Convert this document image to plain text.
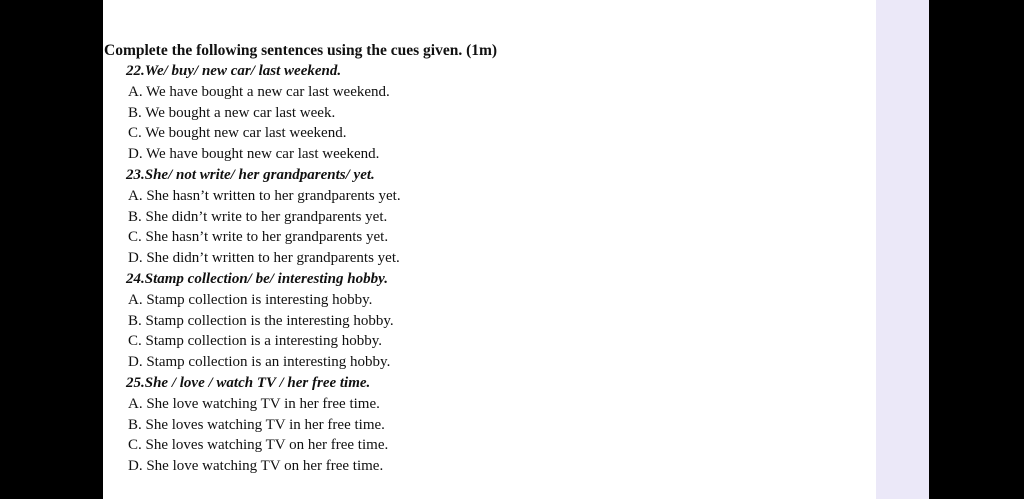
Complete the following sentences using the cues given. (1m)
22.We/ buy/ new car/ last weekend.
A. We have bought a new car last weekend.
B. We bought a new car last week.
C. We bought new car last weekend.
D. We have bought new car last weekend.
23.She/ not write/ her grandparents/ yet.
A. She hasn’t written to her grandparents yet.
B. She didn’t write to her grandparents yet.
C. She hasn’t write to her grandparents yet.
D. She didn’t written to her grandparents yet.
24.Stamp collection/ be/ interesting hobby.
A. Stamp collection is interesting hobby.
B. Stamp collection is the interesting hobby.
C. Stamp collection is a interesting hobby.
D. Stamp collection is an interesting hobby.
25.She / love / watch TV / her free time.
A. She love watching TV in her free time.
B. She loves watching TV in her free time.
C. She loves watching TV on her free time.
D. She love watching TV on her free time.
